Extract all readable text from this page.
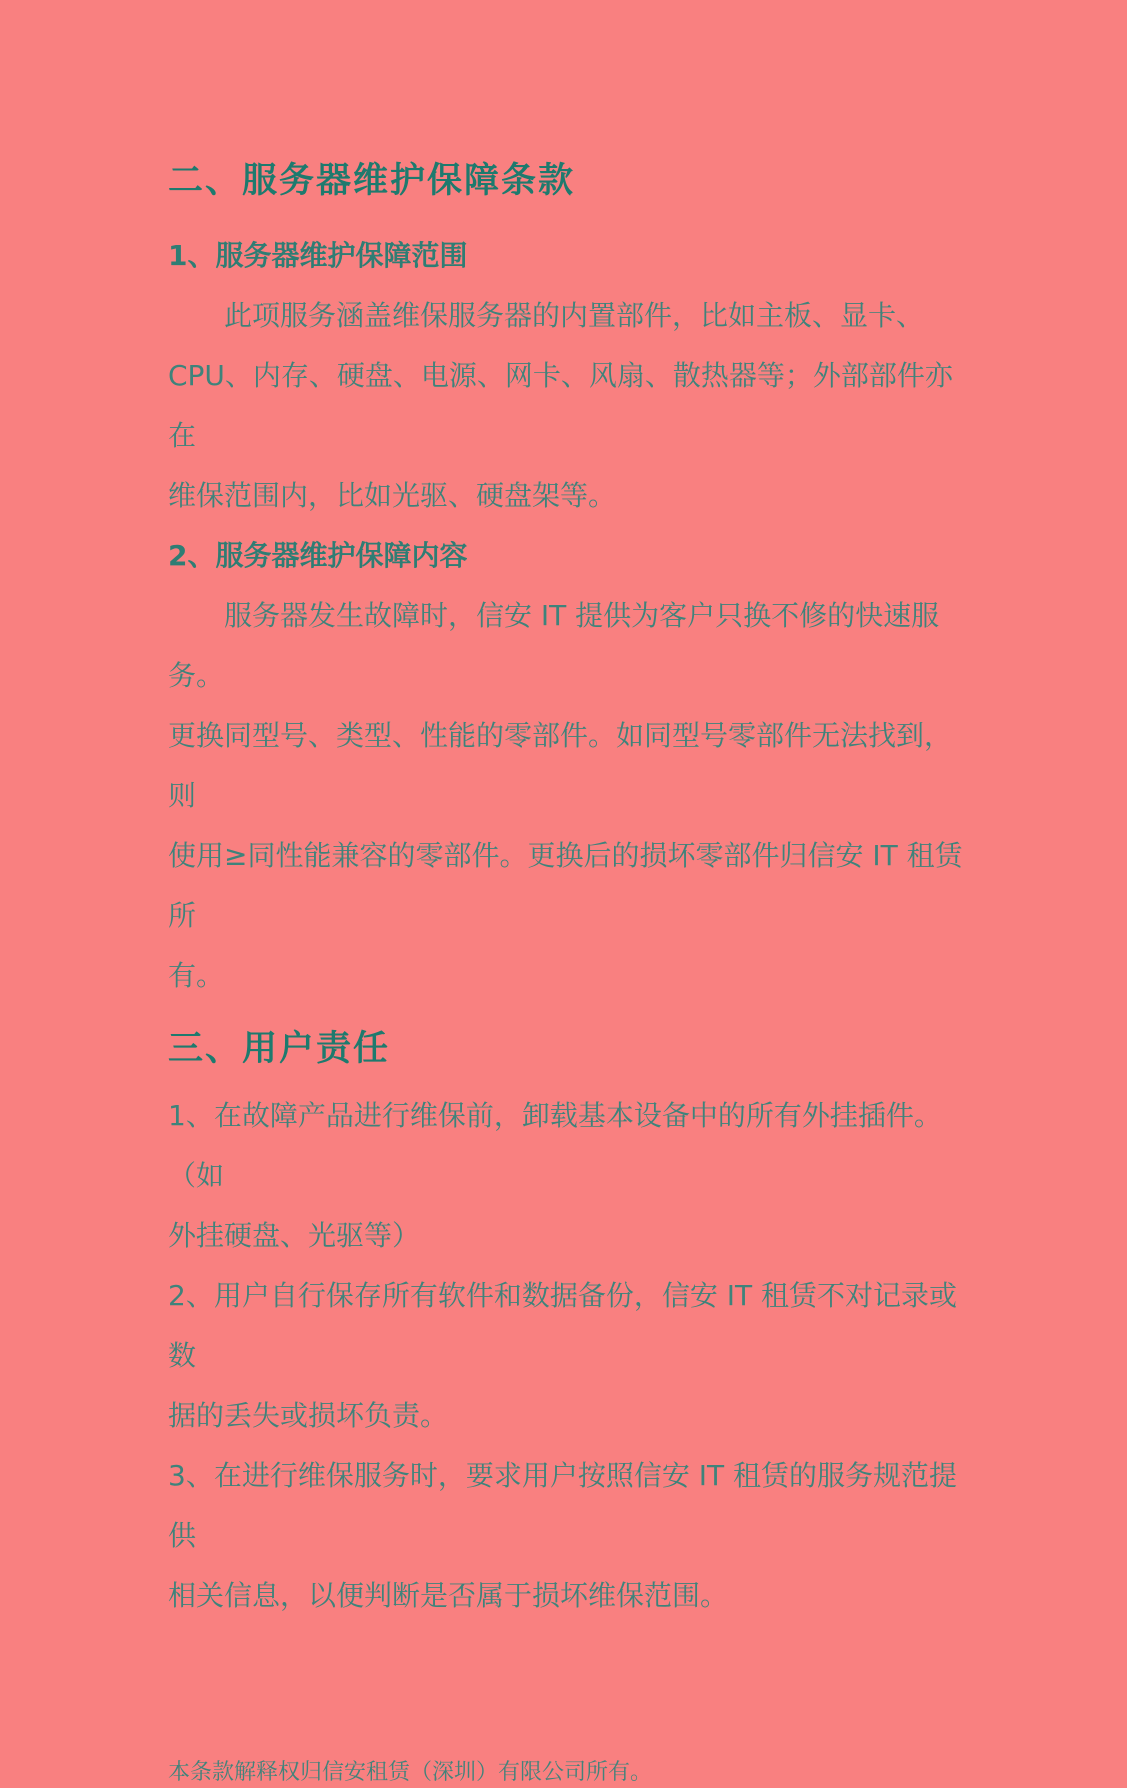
二、服务器维护保障条款
1、服务器维护保障范围
此项服务涵盖维保服务器的内置部件，比如主板、显卡、
CPU、内存、硬盘、电源、网卡、风扇、散热器等；外部部件亦在
维保范围内，比如光驱、硬盘架等。
2、服务器维护保障内容
服务器发生故障时，信安 IT 提供为客户只换不修的快速服务。
更换同型号、类型、性能的零部件。如同型号零部件无法找到，则
使用≥同性能兼容的零部件。更换后的损坏零部件归信安 IT 租赁所
有。
三、用户责任
1、在故障产品进行维保前，卸载基本设备中的所有外挂插件。（如
外挂硬盘、光驱等）
2、用户自行保存所有软件和数据备份，信安 IT 租赁不对记录或数
据的丢失或损坏负责。
3、在进行维保服务时，要求用户按照信安 IT 租赁的服务规范提供
相关信息，以便判断是否属于损坏维保范围。
本条款解释权归信安租赁（深圳）有限公司所有。
